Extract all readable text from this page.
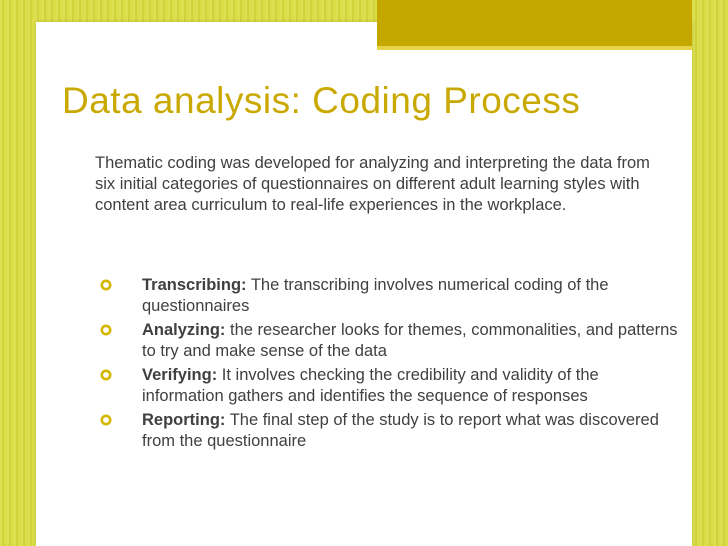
Data analysis: Coding Process

Thematic coding was developed for analyzing and interpreting the data from six initial categories of questionnaires on different adult learning styles with content area curriculum to real-life experiences in the workplace.

Transcribing: The transcribing involves numerical coding of the questionnaires
Analyzing: the researcher looks for themes, commonalities, and patterns to try and make sense of the data
Verifying: It involves checking the credibility and validity of the information gathers and identifies the sequence of responses
Reporting: The final step of the study is to report what was discovered from the questionnaire
